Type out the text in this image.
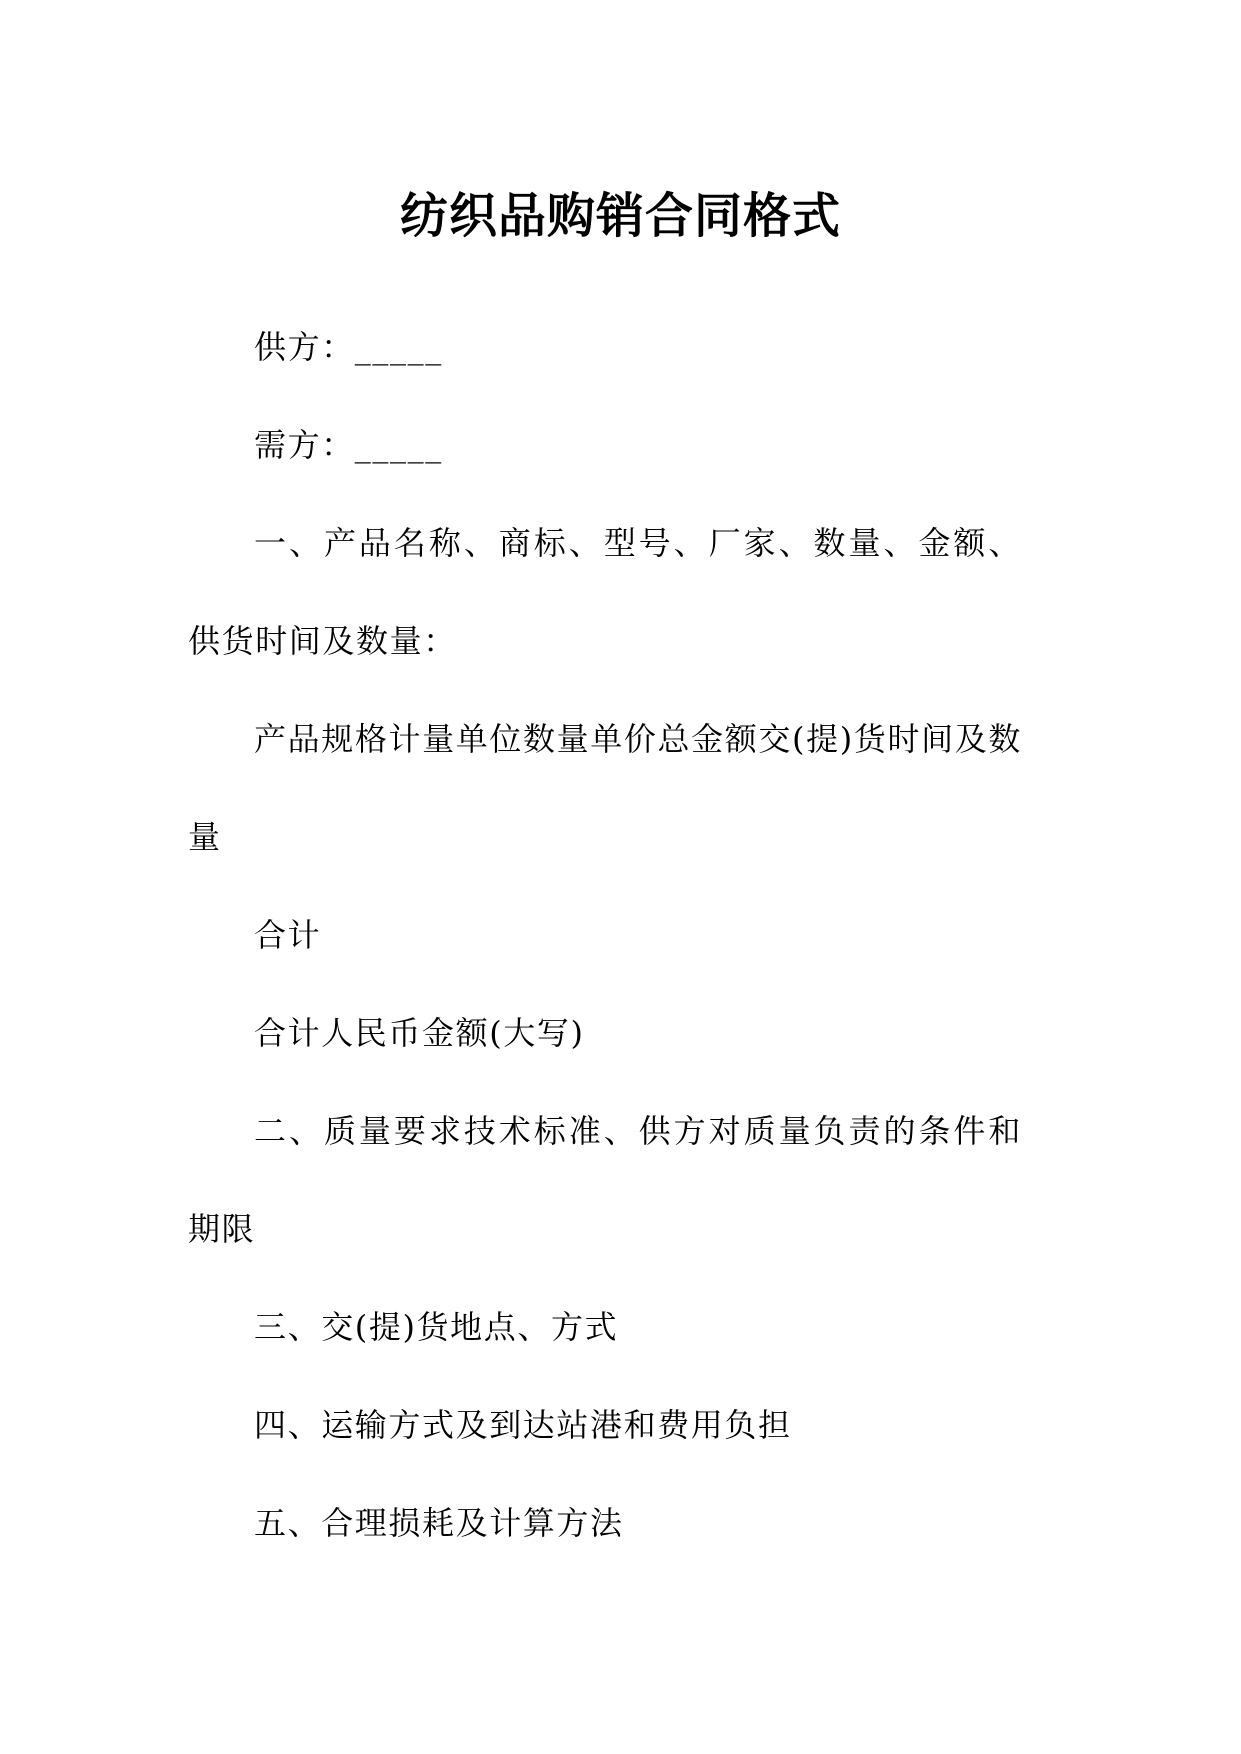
纺织品购销合同格式

供方：_____

需方：_____

一、产品名称、商标、型号、厂家、数量、金额、供货时间及数量：

产品规格计量单位数量单价总金额交(提)货时间及数量

合计

合计人民币金额(大写)

二、质量要求技术标准、供方对质量负责的条件和期限

三、交(提)货地点、方式

四、运输方式及到达站港和费用负担

五、合理损耗及计算方法
